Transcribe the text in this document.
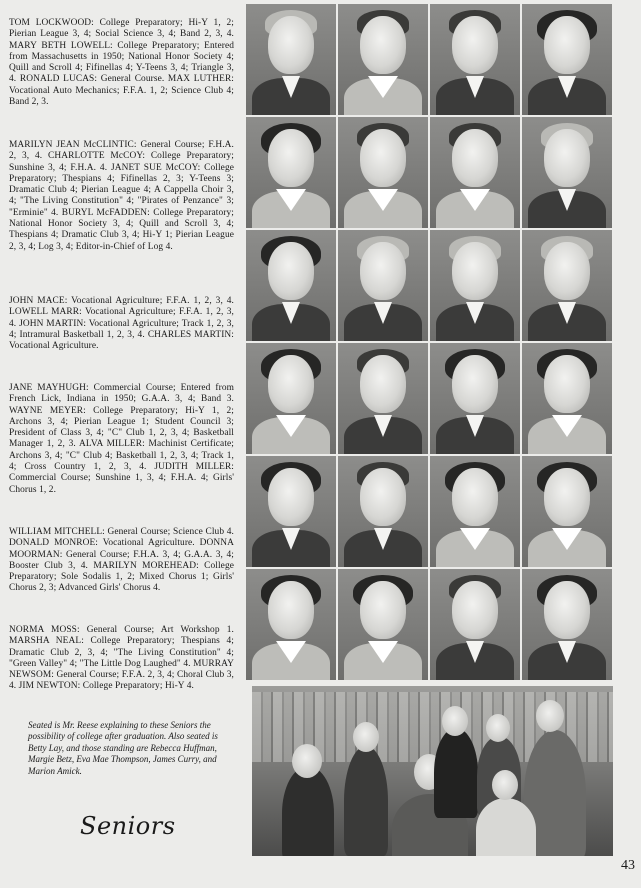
TOM LOCKWOOD: College Preparatory; Hi-Y 1, 2; Pierian League 3, 4; Social Science 3, 4; Band 2, 3, 4. MARY BETH LOWELL: College Preparatory; Entered from Massachusetts in 1950; National Honor Society 4; Quill and Scroll 4; Fifinellas 4; Y-Teens 3, 4; Triangle 3, 4. RONALD LUCAS: General Course. MAX LUTHER: Vocational Auto Mechanics; F.F.A. 1, 2; Science Club 4; Band 2, 3.

MARILYN JEAN McCLINTIC: General Course; F.H.A. 2, 3, 4. CHARLOTTE McCOY: College Preparatory; Sunshine 3, 4; F.H.A. 4. JANET SUE McCOY: College Preparatory; Thespians 4; Fifinellas 2, 3; Y-Teens 3; Dramatic Club 4; Pierian League 4; A Cappella Choir 3, 4; "The Living Constitution" 4; "Pirates of Penzance" 3; "Erminie" 4. BURYL McFADDEN: College Preparatory; National Honor Society 3, 4; Quill and Scroll 3, 4; Thespians 4; Dramatic Club 3, 4; Hi-Y 1; Pierian League 2, 3, 4; Log 3, 4; Editor-in-Chief of Log 4.

JOHN MACE: Vocational Agriculture; F.F.A. 1, 2, 3, 4. LOWELL MARR: Vocational Agriculture; F.F.A. 1, 2, 3, 4. JOHN MARTIN: Vocational Agriculture; Track 1, 2, 3, 4; Intramural Basketball 1, 2, 3, 4. CHARLES MARTIN: Vocational Agriculture.

JANE MAYHUGH: Commercial Course; Entered from French Lick, Indiana in 1950; G.A.A. 3, 4; Band 3. WAYNE MEYER: College Preparatory; Hi-Y 1, 2; Archons 3, 4; Pierian League 1; Student Council 3; President of Class 3, 4; "C" Club 1, 2, 3, 4; Basketball Manager 1, 2, 3. ALVA MILLER: Machinist Certificate; Archons 3, 4; "C" Club 4; Basketball 1, 2, 3, 4; Track 1, 4; Cross Country 1, 2, 3, 4. JUDITH MILLER: Commercial Course; Sunshine 1, 3, 4; F.H.A. 4; Girls' Chorus 1, 2.

WILLIAM MITCHELL: General Course; Science Club 4. DONALD MONROE: Vocational Agriculture. DONNA MOORMAN: General Course; F.H.A. 3, 4; G.A.A. 3, 4; Booster Club 3, 4. MARILYN MOREHEAD: College Preparatory; Sole Sodalis 1, 2; Mixed Chorus 1; Girls' Chorus 2, 3; Advanced Girls' Chorus 4.

NORMA MOSS: General Course; Art Workshop 1. MARSHA NEAL: College Preparatory; Thespians 4; Dramatic Club 2, 3, 4; "The Living Constitution" 4; "Green Valley" 4; "The Little Dog Laughed" 4. MURRAY NEWSOM: General Course; F.F.A. 2, 3, 4; Choral Club 3, 4. JIM NEWTON: College Preparatory; Hi-Y 4.

Seated is Mr. Reese explaining to these Seniors the possibility of college after graduation. Also seated is Betty Lay, and those standing are Rebecca Huffman, Margie Betz, Eva Mae Thompson, James Curry, and Marion Amick.

Seniors

43
